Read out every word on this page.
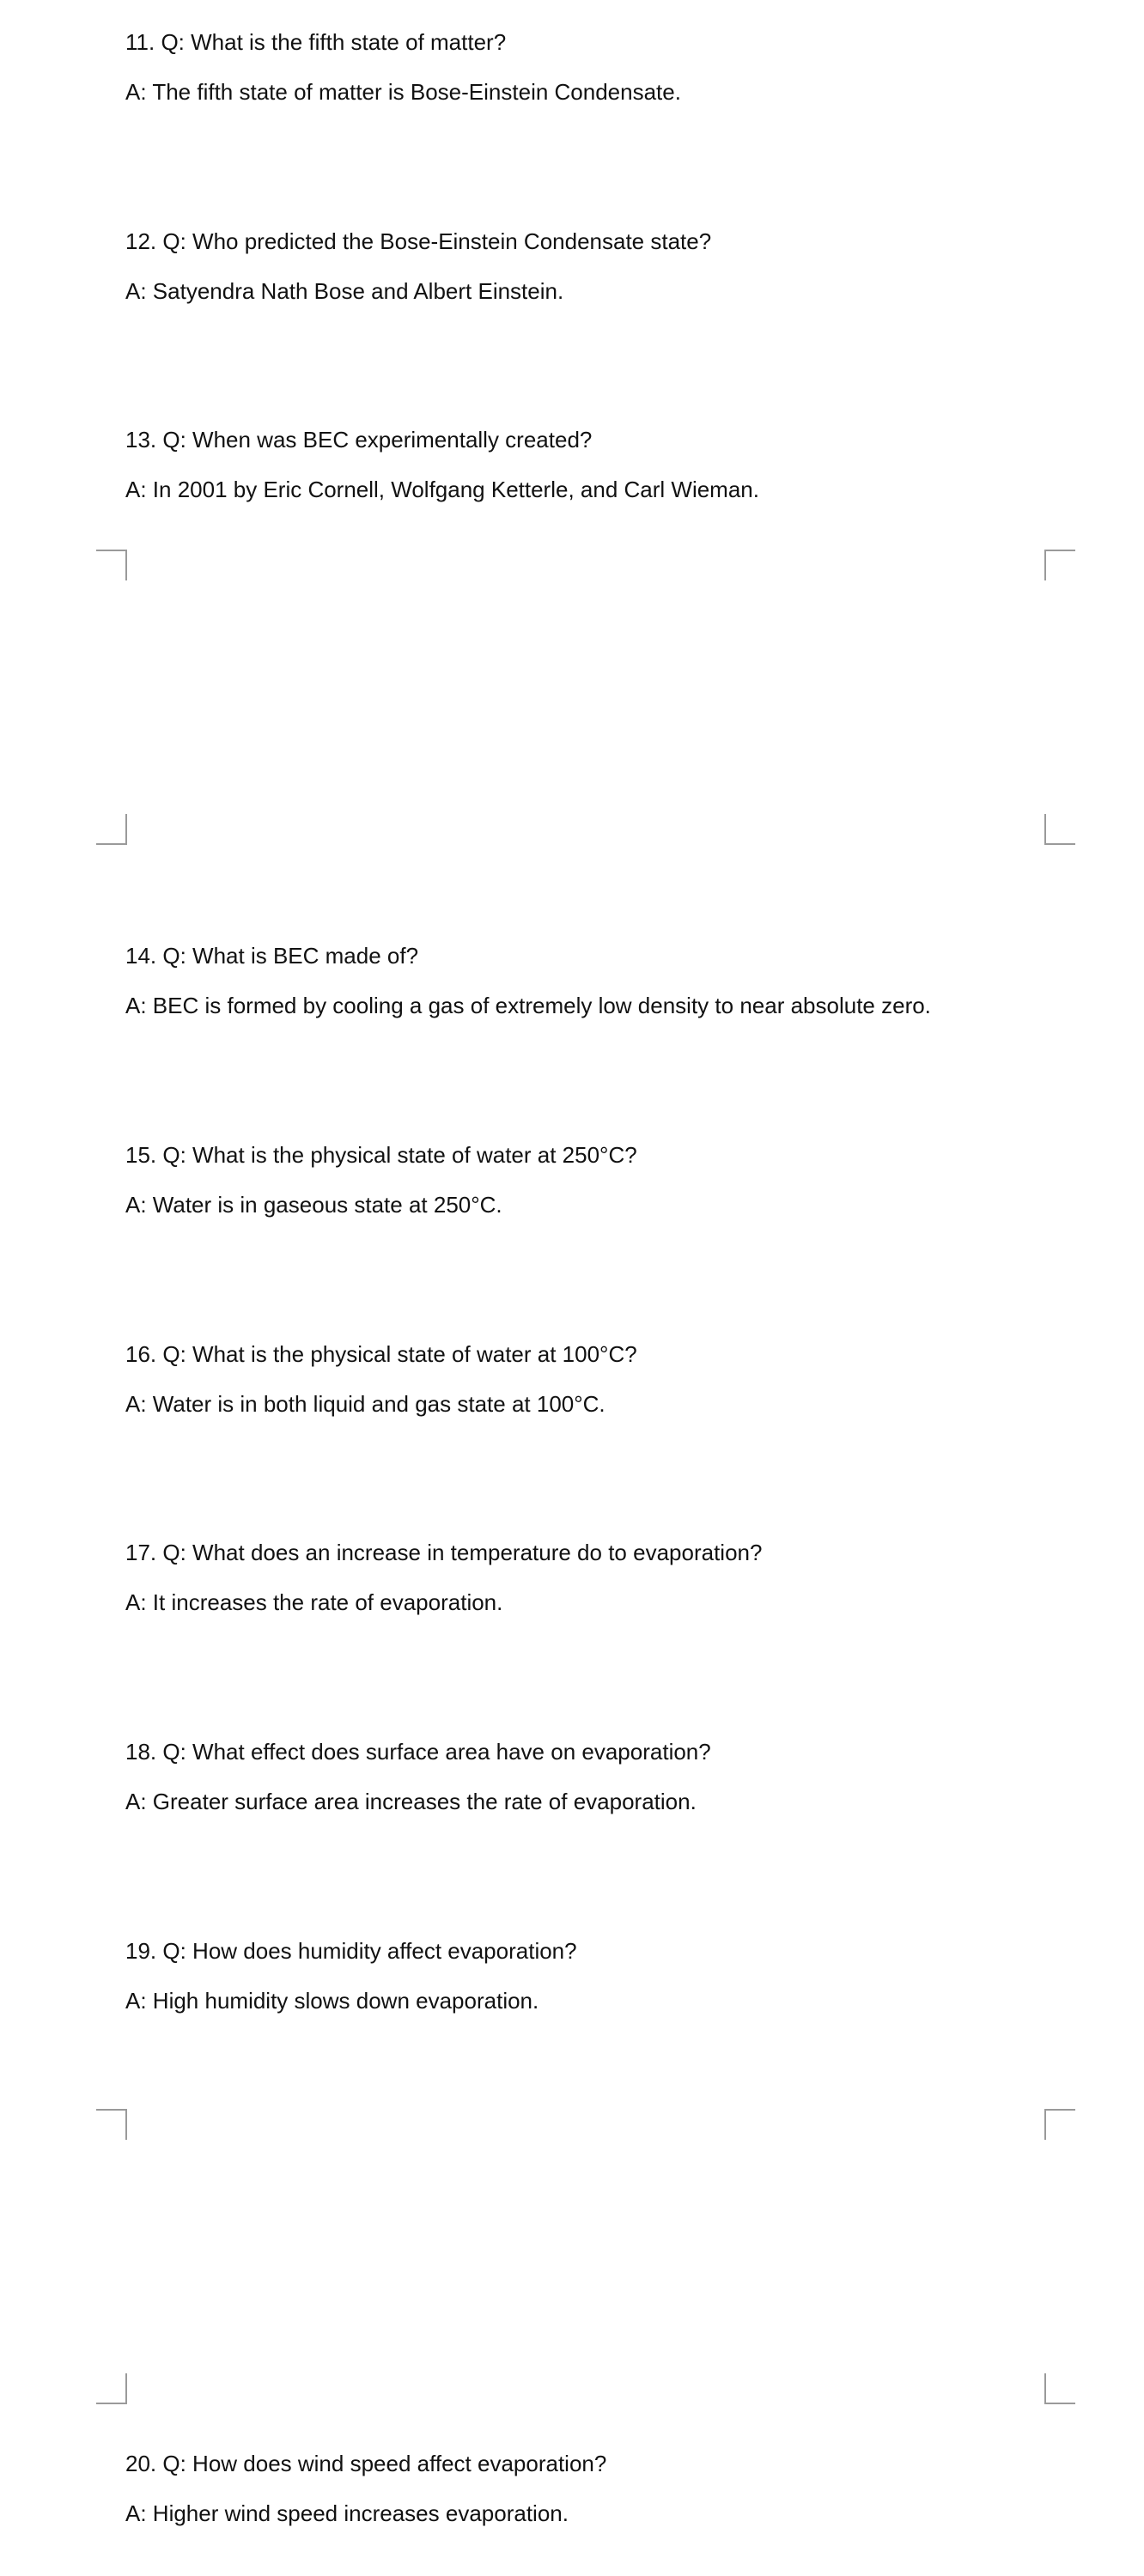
11. Q: What is the fifth state of matter?
A: The fifth state of matter is Bose-Einstein Condensate.
12. Q: Who predicted the Bose-Einstein Condensate state?
A: Satyendra Nath Bose and Albert Einstein.
13. Q: When was BEC experimentally created?
A: In 2001 by Eric Cornell, Wolfgang Ketterle, and Carl Wieman.
14. Q: What is BEC made of?
A: BEC is formed by cooling a gas of extremely low density to near absolute zero.
15. Q: What is the physical state of water at 250°C?
A: Water is in gaseous state at 250°C.
16. Q: What is the physical state of water at 100°C?
A: Water is in both liquid and gas state at 100°C.
17. Q: What does an increase in temperature do to evaporation?
A: It increases the rate of evaporation.
18. Q: What effect does surface area have on evaporation?
A: Greater surface area increases the rate of evaporation.
19. Q: How does humidity affect evaporation?
A: High humidity slows down evaporation.
20. Q: How does wind speed affect evaporation?
A: Higher wind speed increases evaporation.
